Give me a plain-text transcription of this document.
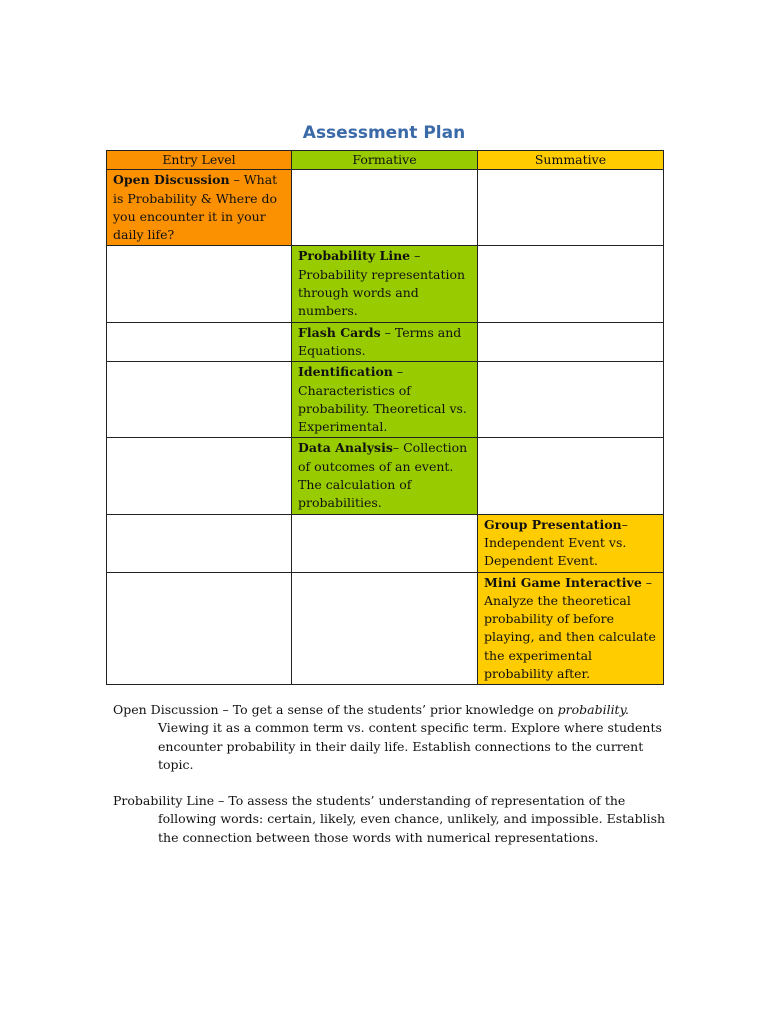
Assessment Plan
Entry Level	Formative	Summative
Open Discussion – What is Probability & Where do you encounter it in your daily life?		
	Probability Line – Probability representation through words and numbers.	
	Flash Cards – Terms and Equations.	
	Identification – Characteristics of probability. Theoretical vs. Experimental.	
	Data Analysis– Collection of outcomes of an event. The calculation of probabilities.	
		Group Presentation– Independent Event vs. Dependent Event.
		Mini Game Interactive – Analyze the theoretical probability of before playing, and then calculate the experimental probability after.

Open Discussion – To get a sense of the students’ prior knowledge on probability.

Viewing it as a common term vs. content specific term. Explore where students encounter probability in their daily life. Establish connections to the current topic.

Probability Line – To assess the students’ understanding of representation of the

following words: certain, likely, even chance, unlikely, and impossible. Establish the connection between those words with numerical representations.
